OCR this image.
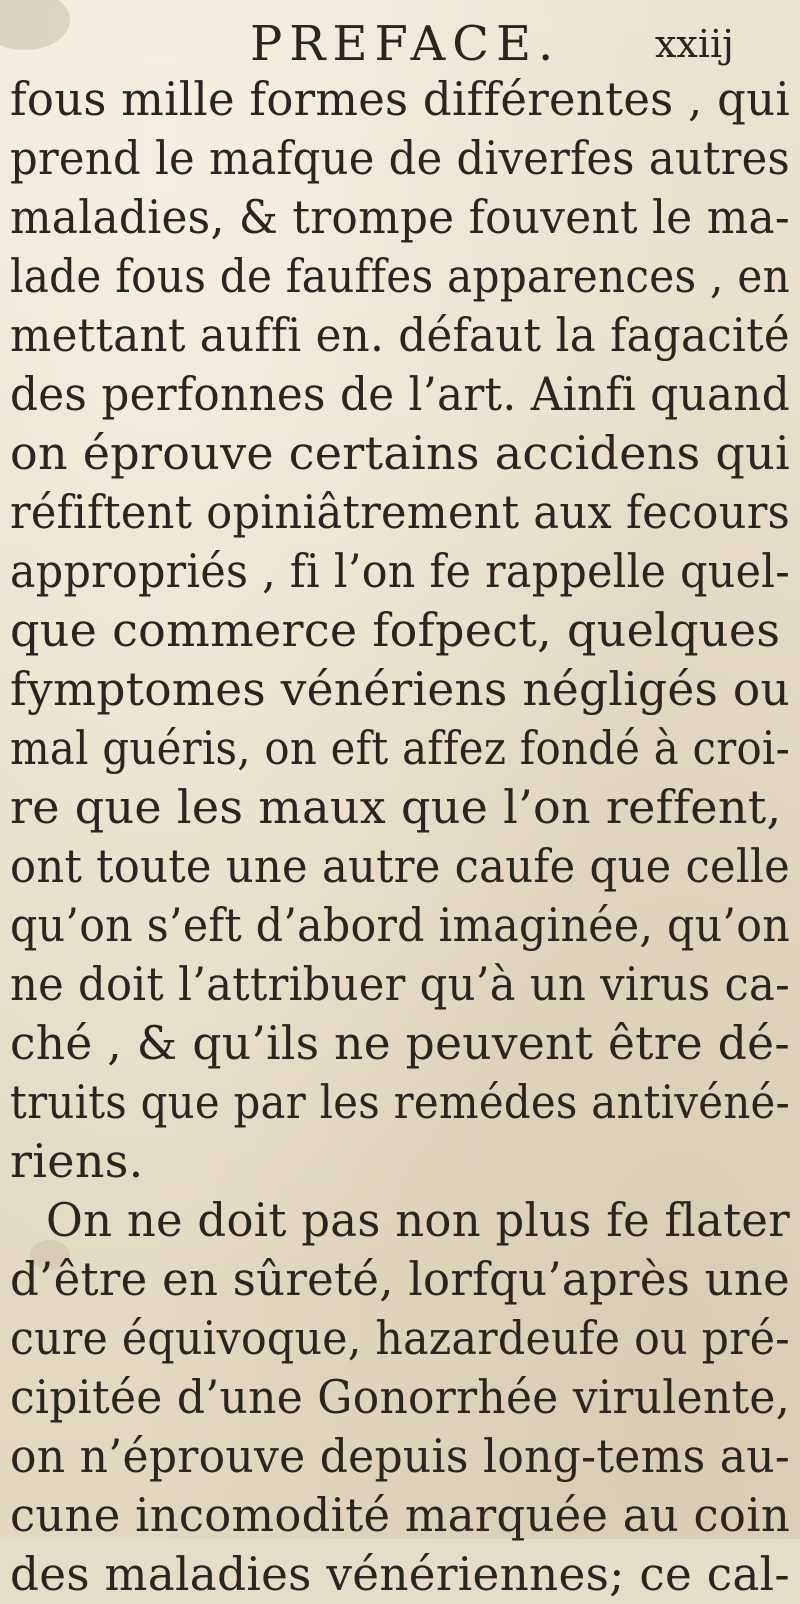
PREFACE. xxiij
fous mille formes différentes , qui
prend le mafque de diverfes autres
maladies, & trompe fouvent le ma-
lade fous de fauffes apparences , en
mettant auffi en. défaut la fagacité
des perfonnes de l’art. Ainfi quand
on éprouve certains accidens qui
réfiftent opiniâtrement aux fecours
appropriés , fi l’on fe rappelle quel-
que commerce fofpect, quelques
fymptomes vénériens négligés ou
mal guéris, on eft affez fondé à croi-
re que les maux que l’on reffent,
ont toute une autre caufe que celle
qu’on s’eft d’abord imaginée, qu’on
ne doit l’attribuer qu’à un virus ca-
ché , & qu’ils ne peuvent être dé-
truits que par les remédes antivéné-
riens.
On ne doit pas non plus fe flater
d’être en sûreté, lorfqu’après une
cure équivoque, hazardeufe ou pré-
cipitée d’une Gonorrhée virulente,
on n’éprouve depuis long-tems au-
cune incomodité marquée au coin
des maladies vénériennes; ce cal-
